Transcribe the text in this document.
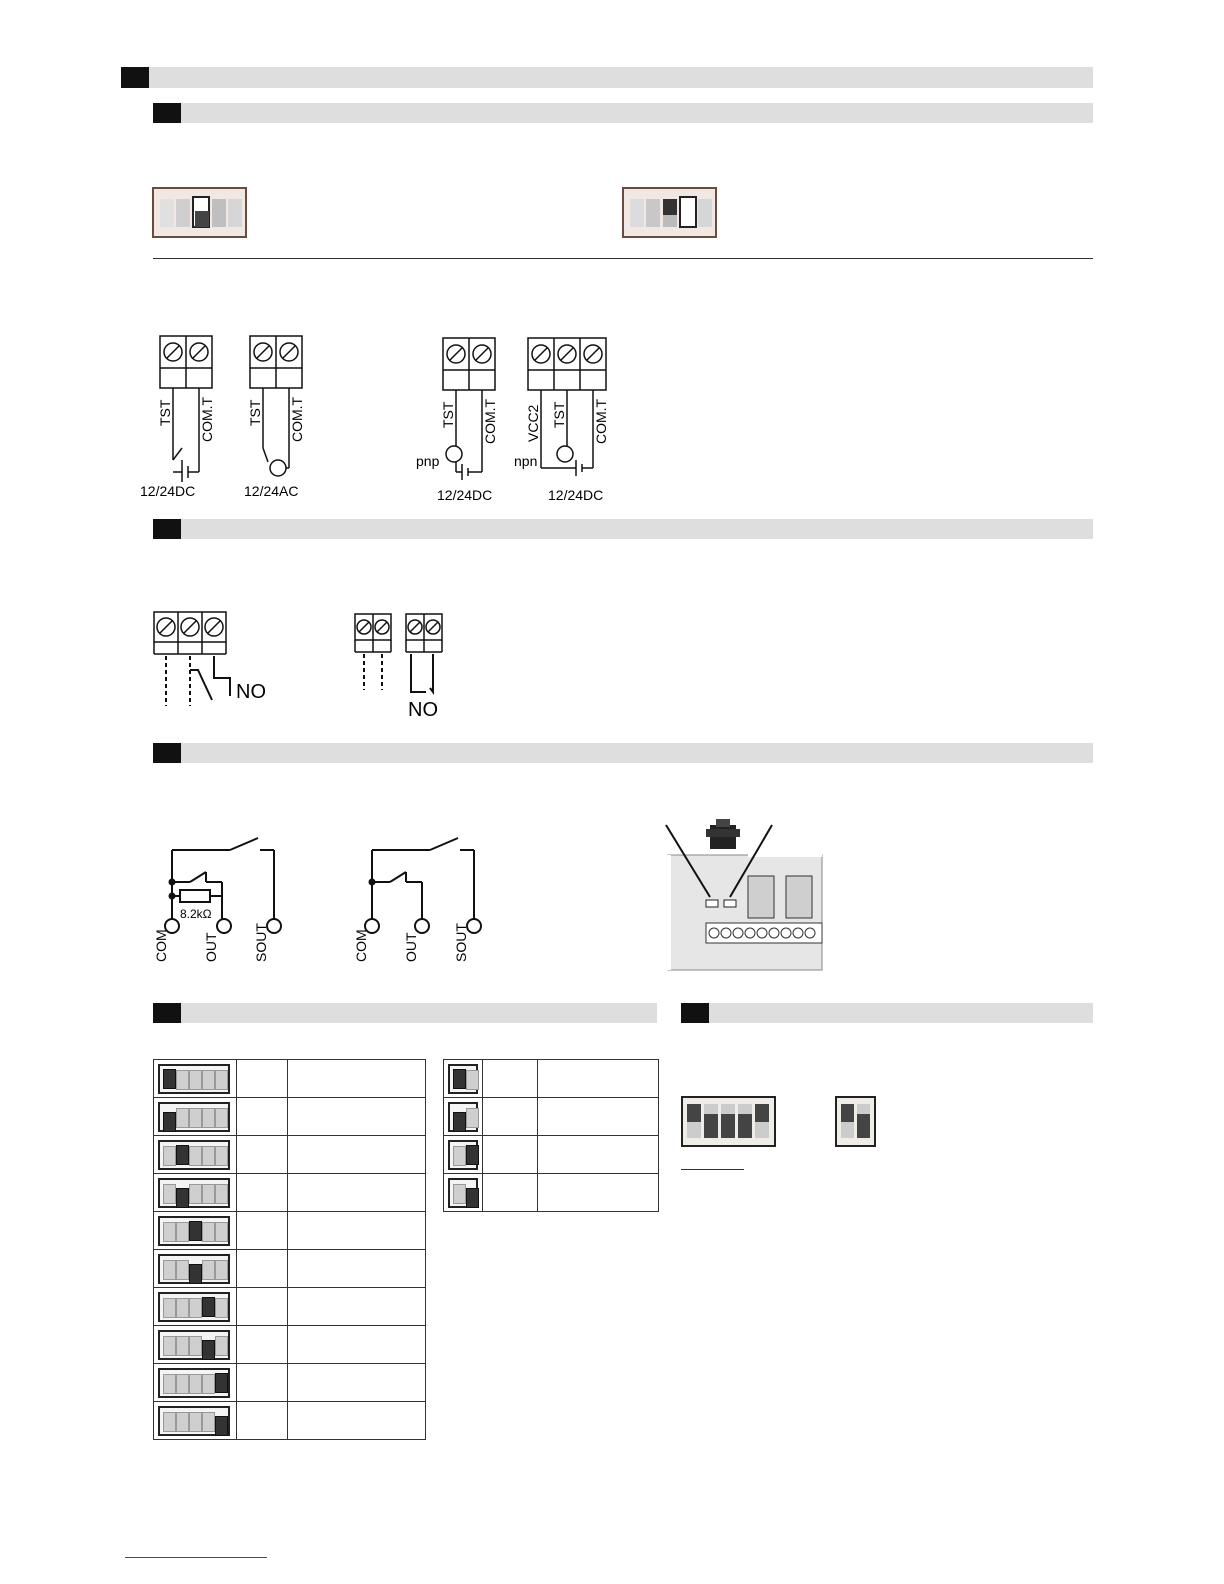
TST COM.T
12/24DC
TST COM.T
12/24AC
TST COM.T
pnp
12/24DC
VCC2 TST COM.T
npn
12/24DC
NO
NO
8.2kΩ
COM OUT SOUT	COM OUT SOUT
